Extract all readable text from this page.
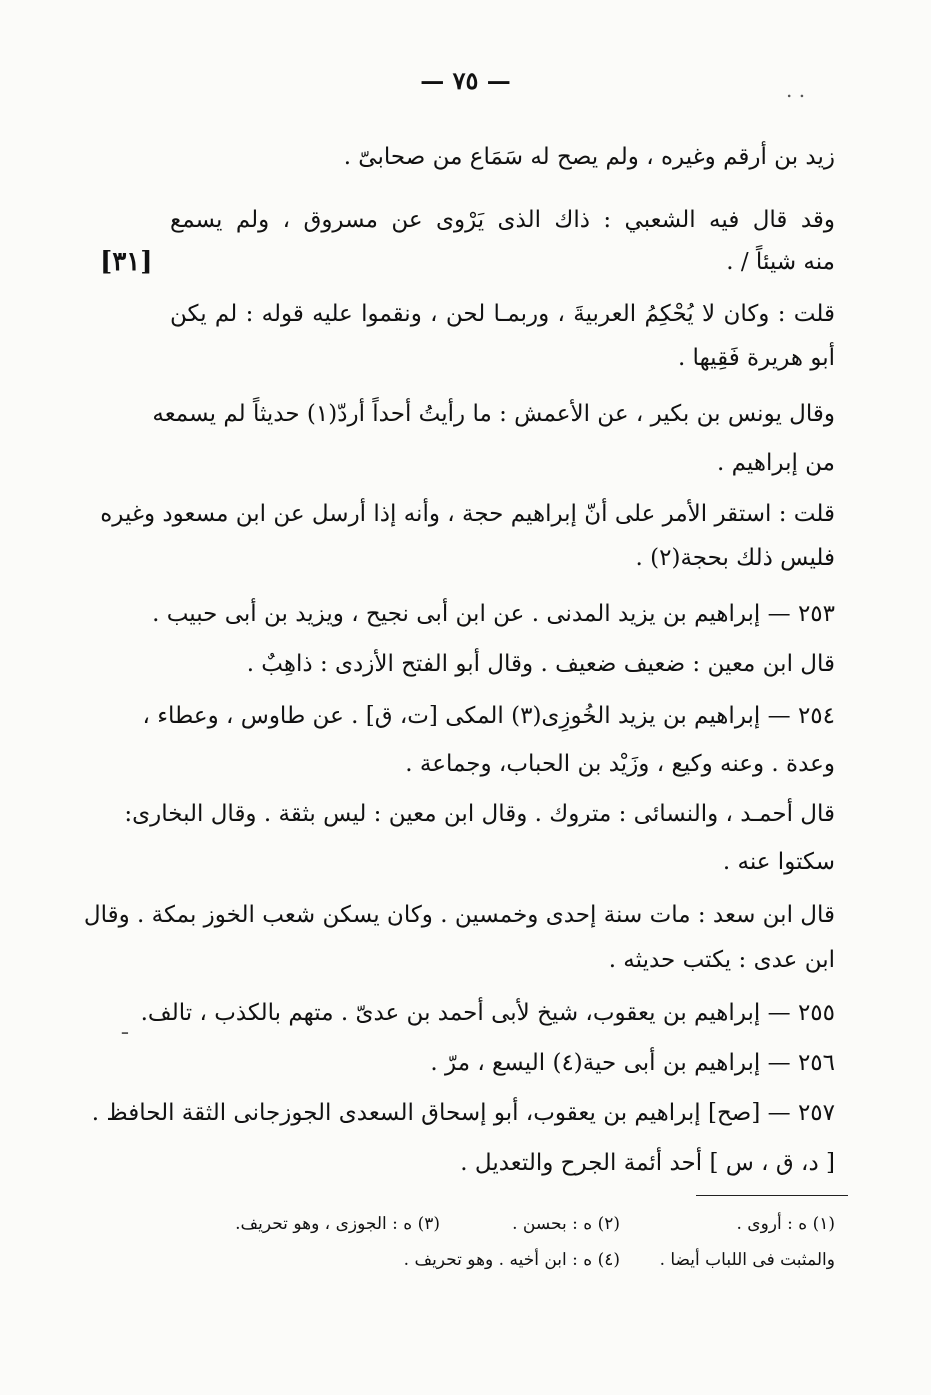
. .
— ٧٥ —
[٣١]
زيد بن أرقم وغيره ، ولم يصح له سَمَاع من صحابىّ .
وقد قال فيه الشعبي : ذاك الذى يَرْوى عن مسروق ، ولم يسمع
منه شيئاً / .
قلت : وكان لا يُحْكِمُ العربيةَ ، وربمـا لحن ، ونقموا عليه قوله : لم يكن
أبو هريرة فَقِيها .
وقال يونس بن بكير ، عن الأعمش : ما رأيتُ أحداً أردّ(١) حديثاً لم يسمعه
من إبراهيم .
قلت : استقر الأمر على أنّ إبراهيم حجة ، وأنه إذا أرسل عن ابن مسعود وغيره
فليس ذلك بحجة(٢) .
٢٥٣ — إبراهيم بن يزيد المدنى . عن ابن أبى نجيح ، ويزيد بن أبى حبيب .
قال ابن معين : ضعيف ضعيف . وقال أبو الفتح الأزدى : ذاهِبٌ .
٢٥٤ — إبراهيم بن يزيد الخُوزِى(٣) المكى [ت، ق] . عن طاوس ، وعطاء ،
وعدة . وعنه وكيع ، وزَيْد بن الحباب، وجماعة .
قال أحمـد ، والنسائى : متروك . وقال ابن معين : ليس بثقة . وقال البخارى:
سكتوا عنه .
قال ابن سعد : مات سنة إحدى وخمسين . وكان يسكن شعب الخوز بمكة . وقال
ابن عدى : يكتب حديثه .
٢٥٥ — إبراهيم بن يعقوب، شيخ لأبى أحمد بن عدىّ . متهم بالكذب ، تالف.
٢٥٦ — إبراهيم بن أبى حية(٤) اليسع ، مرّ .
٢٥٧ — [صح] إبراهيم بن يعقوب، أبو إسحاق السعدى الجوزجانى الثقة الحافظ .
[ د، ق ، س ] أحد أئمة الجرح والتعديل .
ـ
(١) ه : أروى .
(٢) ه : بحسن .
(٣) ه : الجوزى ، وهو تحريف.
والمثبت فى اللباب أيضا .
(٤) ه : ابن أخيه . وهو تحريف .
